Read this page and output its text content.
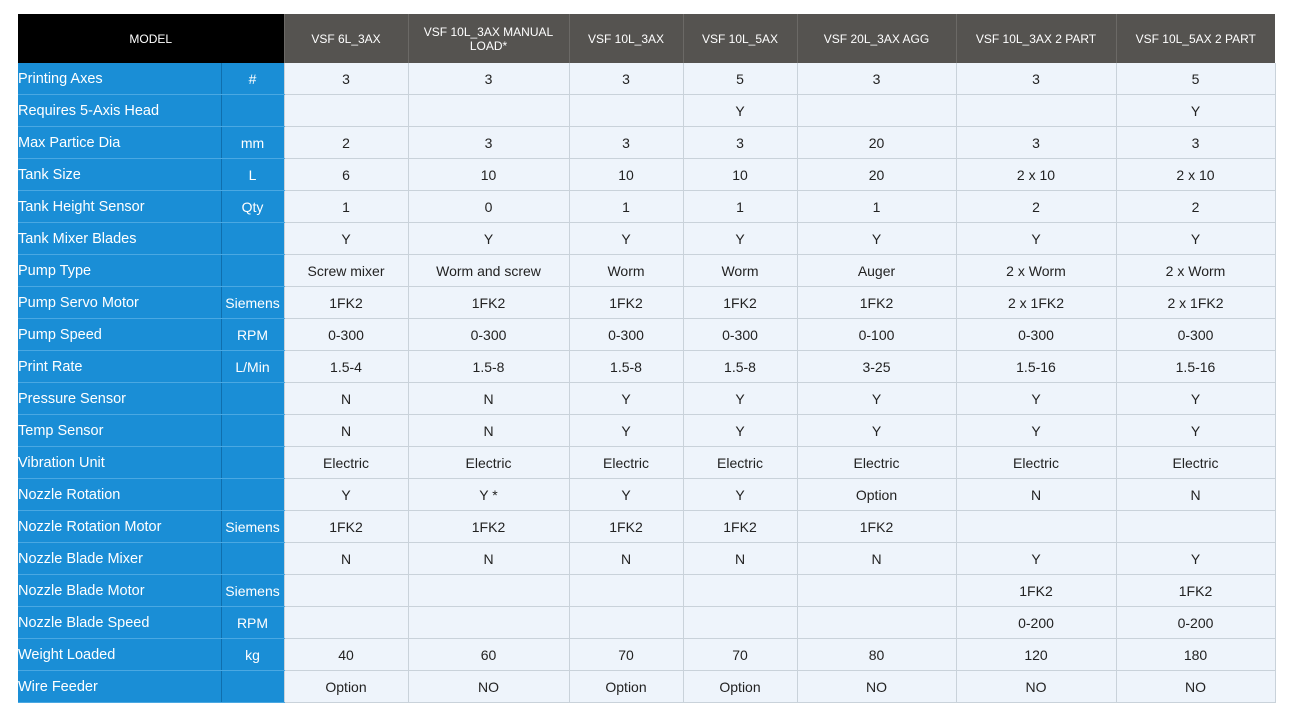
MODEL		VSF 6L_3AX	VSF 10L_3AX MANUAL LOAD*	VSF 10L_3AX	VSF 10L_5AX	VSF 20L_3AX AGG	VSF 10L_3AX 2 PART	VSF 10L_5AX 2 PART
Printing Axes	#	3	3	3	5	3	3	5
Requires 5-Axis Head					Y			Y
Max Partice Dia	mm	2	3	3	3	20	3	3
Tank Size	L	6	10	10	10	20	2 x 10	2 x 10
Tank Height Sensor	Qty	1	0	1	1	1	2	2
Tank Mixer Blades		Y	Y	Y	Y	Y	Y	Y
Pump Type		Screw mixer	Worm and screw	Worm	Worm	Auger	2 x Worm	2 x Worm
Pump Servo Motor	Siemens	1FK2	1FK2	1FK2	1FK2	1FK2	2 x 1FK2	2 x 1FK2
Pump Speed	RPM	0-300	0-300	0-300	0-300	0-100	0-300	0-300
Print Rate	L/Min	1.5-4	1.5-8	1.5-8	1.5-8	3-25	1.5-16	1.5-16
Pressure Sensor		N	N	Y	Y	Y	Y	Y
Temp Sensor		N	N	Y	Y	Y	Y	Y
Vibration Unit		Electric	Electric	Electric	Electric	Electric	Electric	Electric
Nozzle Rotation		Y	Y *	Y	Y	Option	N	N
Nozzle Rotation Motor	Siemens	1FK2	1FK2	1FK2	1FK2	1FK2		
Nozzle Blade Mixer		N	N	N	N	N	Y	Y
Nozzle Blade Motor	Siemens						1FK2	1FK2
Nozzle Blade Speed	RPM						0-200	0-200
Weight Loaded	kg	40	60	70	70	80	120	180
Wire Feeder		Option	NO	Option	Option	NO	NO	NO
